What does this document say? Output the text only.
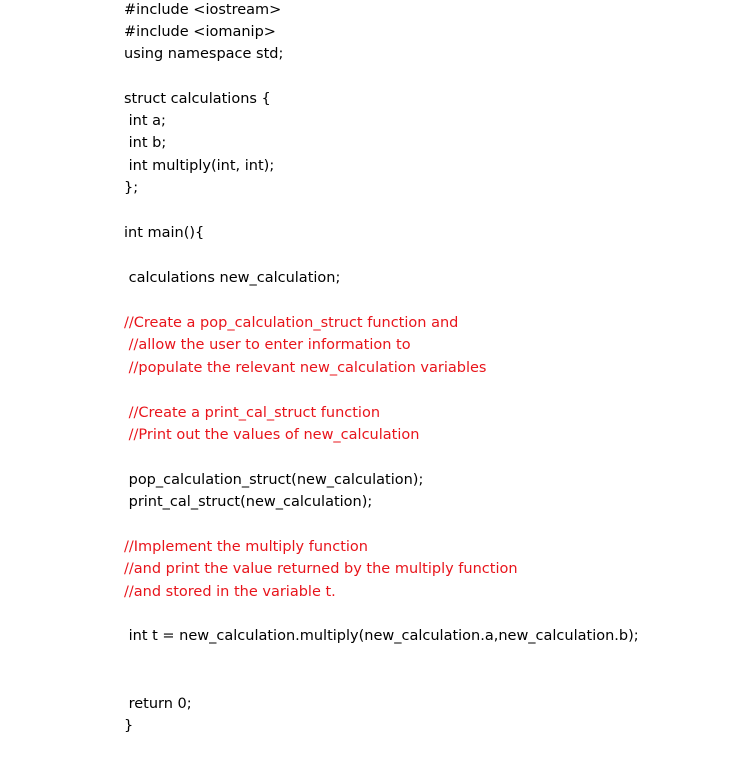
#include <iostream>
#include <iomanip>
using namespace std;
struct calculations {
int a;
int b;
int multiply(int, int);
};
int main(){
calculations new_calculation;
//Create a pop_calculation_struct function and
//allow the user to enter information to
//populate the relevant new_calculation variables
//Create a print_cal_struct function
//Print out the values of new_calculation
pop_calculation_struct(new_calculation);
print_cal_struct(new_calculation);
//Implement the multiply function
//and print the value returned by the multiply function
//and stored in the variable t.
int t = new_calculation.multiply(new_calculation.a,new_calculation.b);
return 0;
}
